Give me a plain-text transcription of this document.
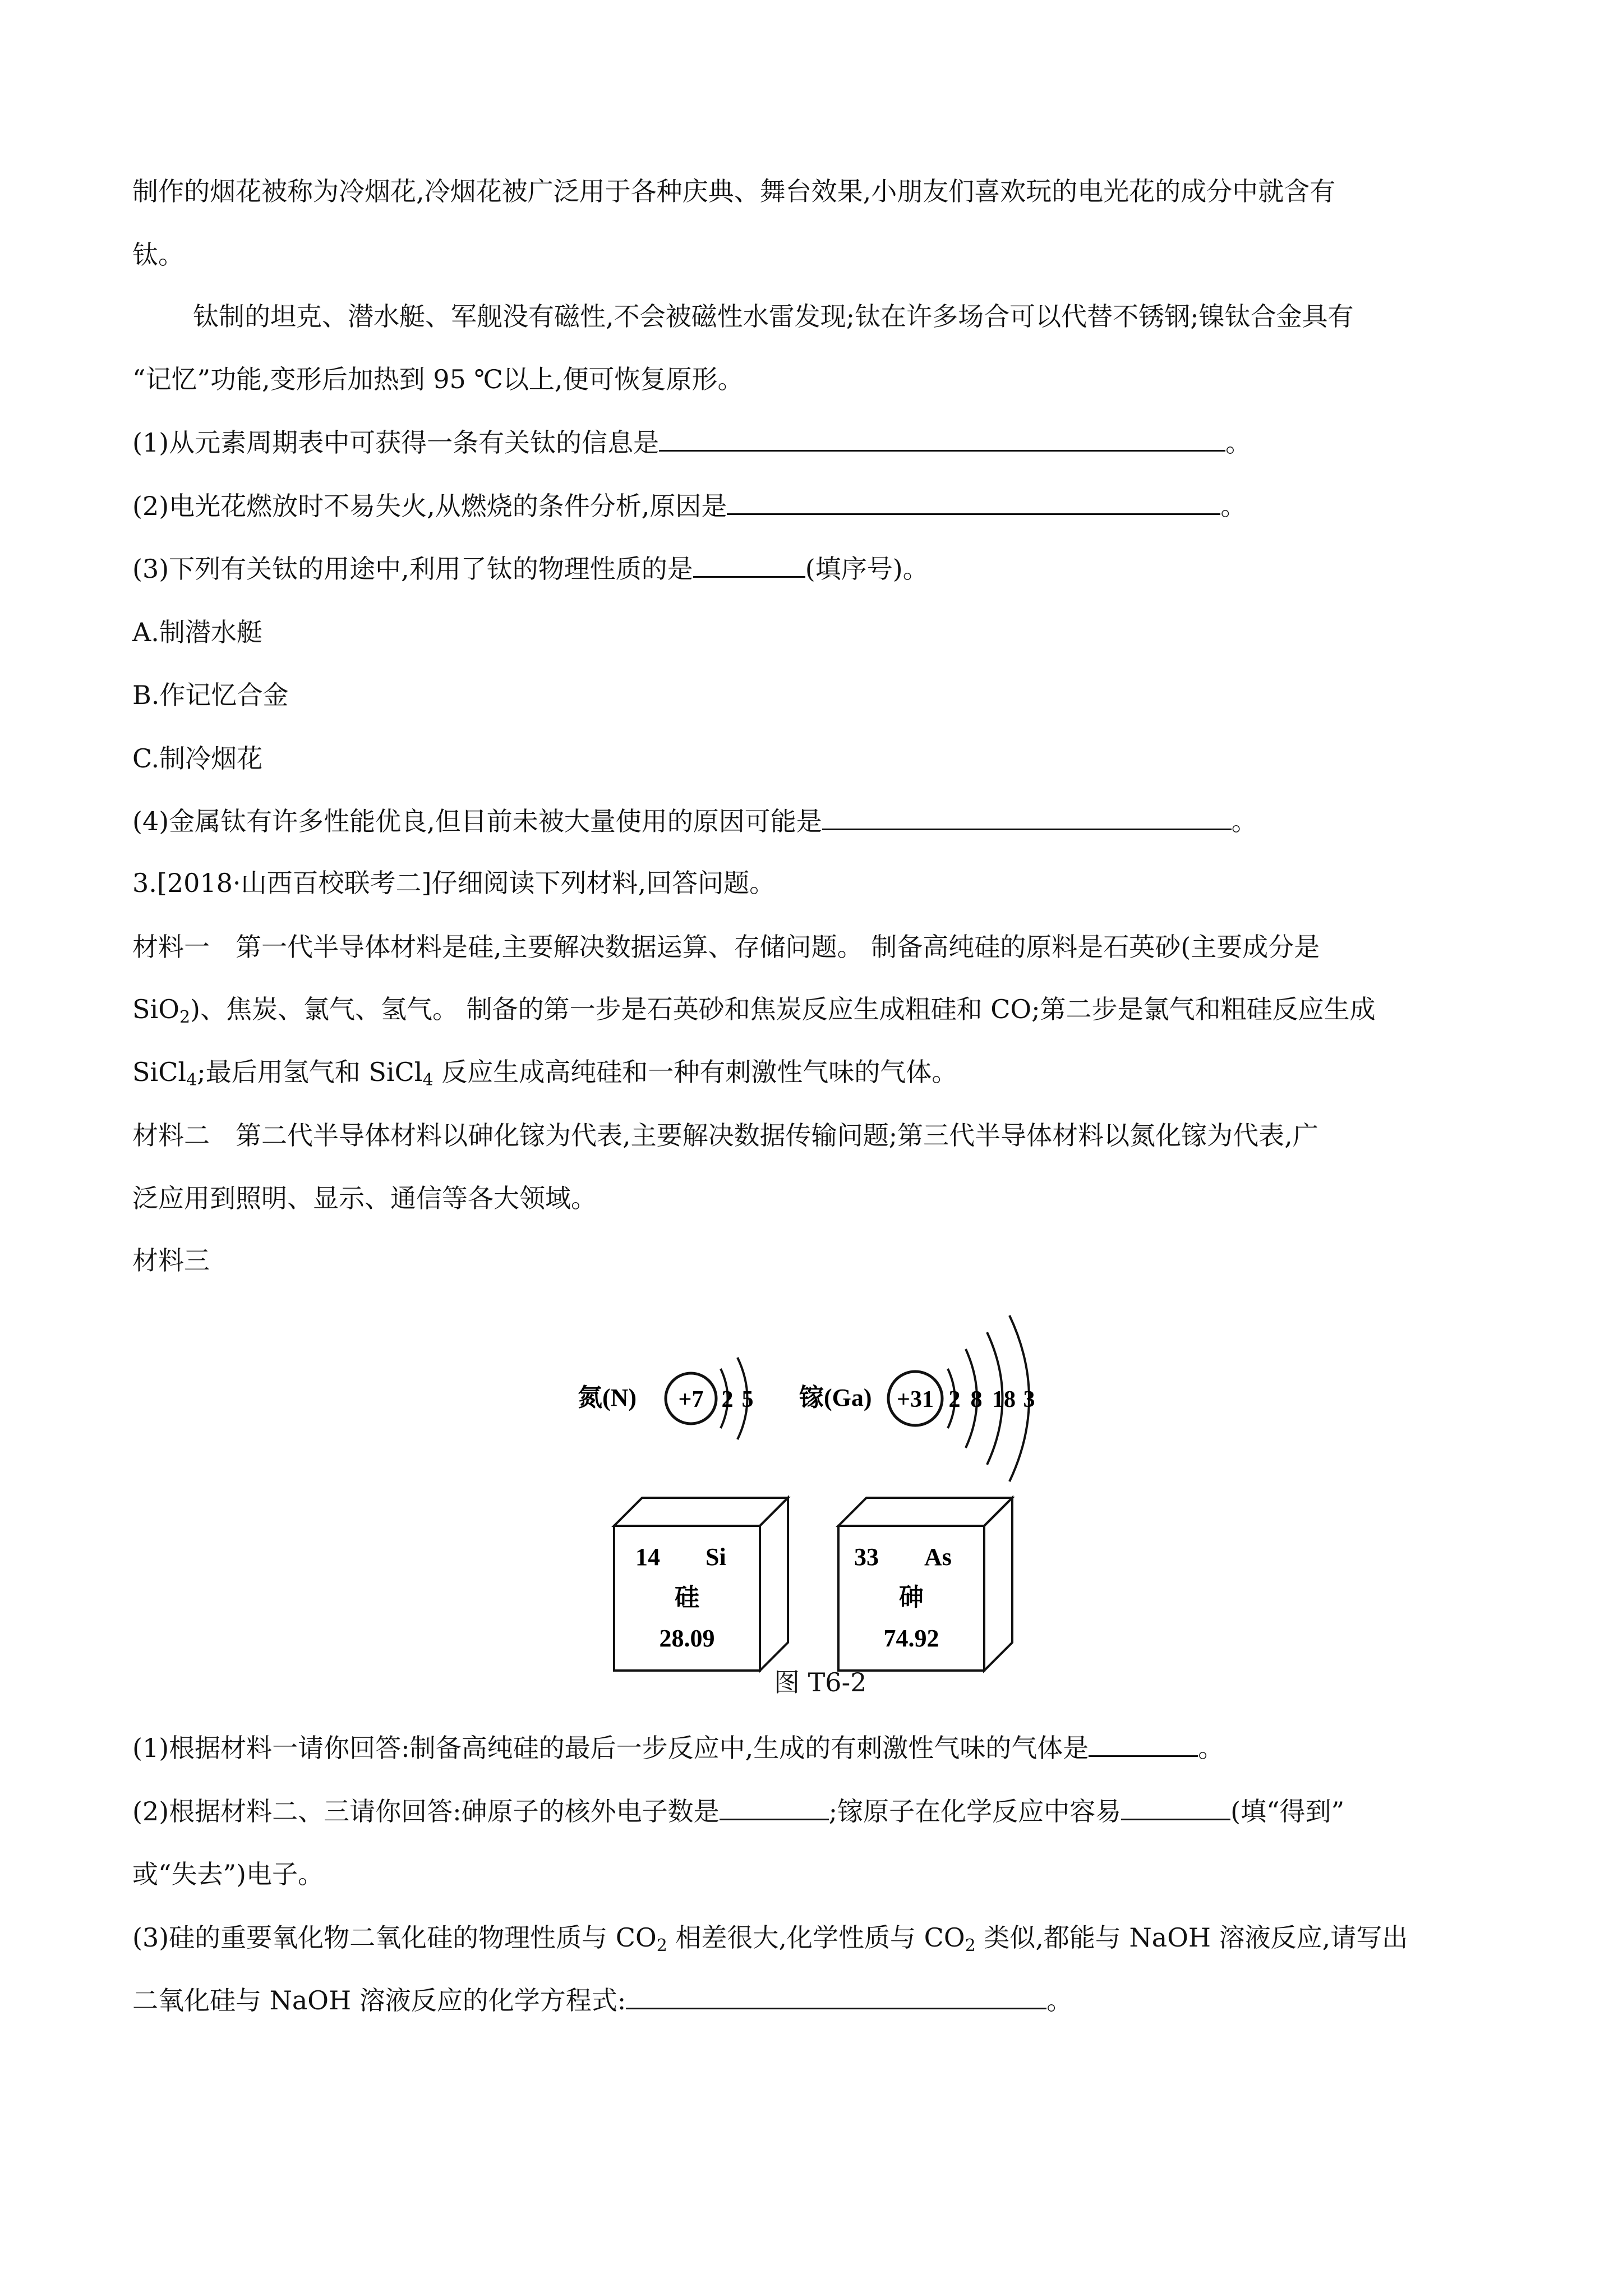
制作的烟花被称为冷烟花,冷烟花被广泛用于各种庆典、舞台效果,小朋友们喜欢玩的电光花的成分中就含有
钛。
钛制的坦克、潜水艇、军舰没有磁性,不会被磁性水雷发现;钛在许多场合可以代替不锈钢;镍钛合金具有
“记忆”功能,变形后加热到 95 ℃以上,便可恢复原形。
(1)从元素周期表中可获得一条有关钛的信息是	。
(2)电光花燃放时不易失火,从燃烧的条件分析,原因是	。
(3)下列有关钛的用途中,利用了钛的物理性质的是	(填序号)。
A.制潜水艇
B.作记忆合金
C.制冷烟花
(4)金属钛有许多性能优良,但目前未被大量使用的原因可能是	。
3.[2018·山西百校联考二]仔细阅读下列材料,回答问题。
材料一　第一代半导体材料是硅,主要解决数据运算、存储问题。 制备高纯硅的原料是石英砂(主要成分是
SiO$_2$)、焦炭、氯气、氢气。 制备的第一步是石英砂和焦炭反应生成粗硅和 CO;第二步是氯气和粗硅反应生成
SiCl$_4$;最后用氢气和 SiCl$_4$ 反应生成高纯硅和一种有刺激性气味的气体。
材料二　第二代半导体材料以砷化镓为代表,主要解决数据传输问题;第三代半导体材料以氮化镓为代表,广
泛应用到照明、显示、通信等各大领域。
材料三
氮(N) +7 2 5 镓(Ga) +31 2 8 18 3
14 Si
硅
28.09
33 As
砷
74.92
图 T6-2
(1)根据材料一请你回答:制备高纯硅的最后一步反应中,生成的有刺激性气味的气体是	。
(2)根据材料二、三请你回答:砷原子的核外电子数是	;镓原子在化学反应中容易	(填“得到”
或“失去”)电子。
(3)硅的重要氧化物二氧化硅的物理性质与 $CO_2$ 相差很大,化学性质与 $CO_2$ 类似,都能与 NaOH 溶液反应,请写出
二氧化硅与 NaOH 溶液反应的化学方程式:	。
